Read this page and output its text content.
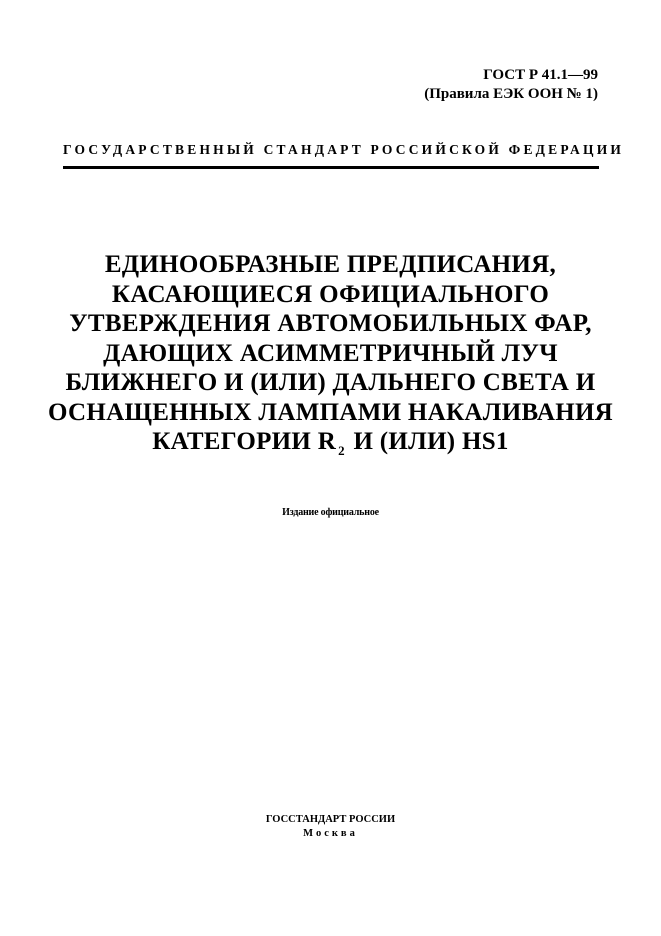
ГОСТ Р 41.1—99
(Правила ЕЭК ООН № 1)
ГОСУДАРСТВЕННЫЙ СТАНДАРТ РОССИЙСКОЙ ФЕДЕРАЦИИ
ЕДИНООБРАЗНЫЕ ПРЕДПИСАНИЯ,
КАСАЮЩИЕСЯ ОФИЦИАЛЬНОГО
УТВЕРЖДЕНИЯ АВТОМОБИЛЬНЫХ ФАР,
ДАЮЩИХ АСИММЕТРИЧНЫЙ ЛУЧ
БЛИЖНЕГО И (ИЛИ) ДАЛЬНЕГО СВЕТА И
ОСНАЩЕННЫХ ЛАМПАМИ НАКАЛИВАНИЯ
КАТЕГОРИИ R $_2$ И (ИЛИ) HS1
Издание официальное
ГОССТАНДАРТ РОССИИ
Москва
